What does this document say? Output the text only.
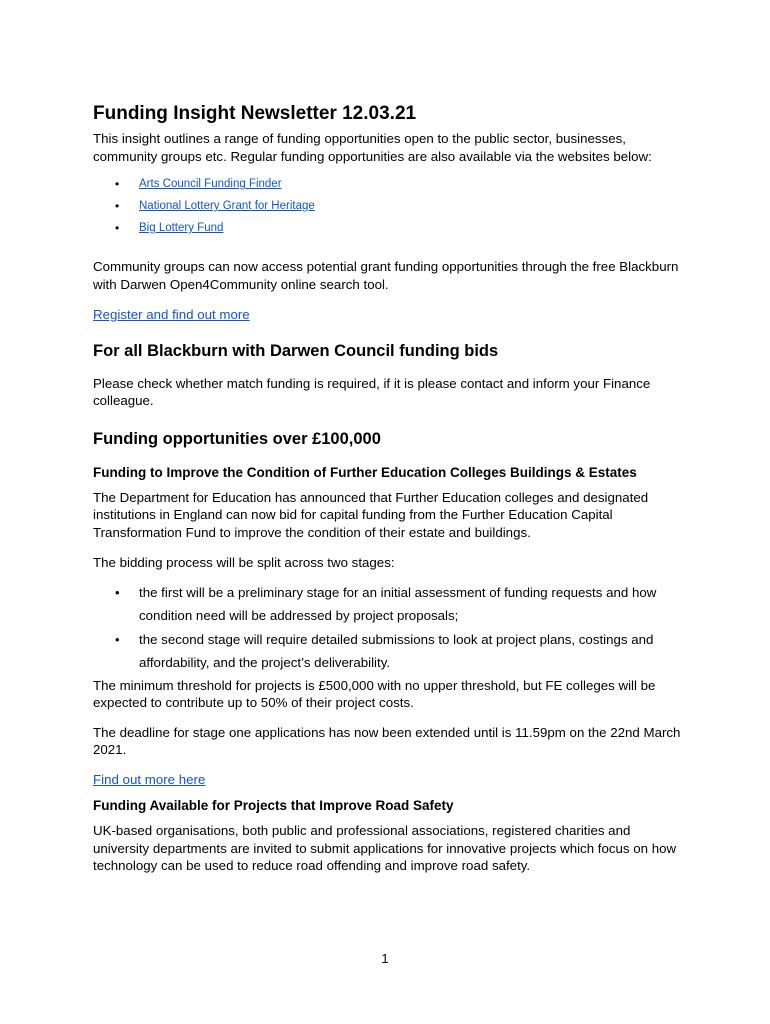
Funding Insight Newsletter 12.03.21

This insight outlines a range of funding opportunities open to the public sector, businesses, community groups etc. Regular funding opportunities are also available via the websites below:

• Arts Council Funding Finder
• National Lottery Grant for Heritage
• Big Lottery Fund

Community groups can now access potential grant funding opportunities through the free Blackburn with Darwen Open4Community online search tool.

Register and find out more

For all Blackburn with Darwen Council funding bids

Please check whether match funding is required, if it is please contact and inform your Finance colleague.

Funding opportunities over £100,000
Funding to Improve the Condition of Further Education Colleges Buildings & Estates

The Department for Education has announced that Further Education colleges and designated institutions in England can now bid for capital funding from the Further Education Capital Transformation Fund to improve the condition of their estate and buildings.

The bidding process will be split across two stages:

• the first will be a preliminary stage for an initial assessment of funding requests and how condition need will be addressed by project proposals;
• the second stage will require detailed submissions to look at project plans, costings and affordability, and the project’s deliverability.

The minimum threshold for projects is £500,000 with no upper threshold, but FE colleges will be expected to contribute up to 50% of their project costs.

The deadline for stage one applications has now been extended until is 11.59pm on the 22nd March 2021.

Find out more here

Funding Available for Projects that Improve Road Safety

UK-based organisations, both public and professional associations, registered charities and university departments are invited to submit applications for innovative projects which focus on how technology can be used to reduce road offending and improve road safety.

1
